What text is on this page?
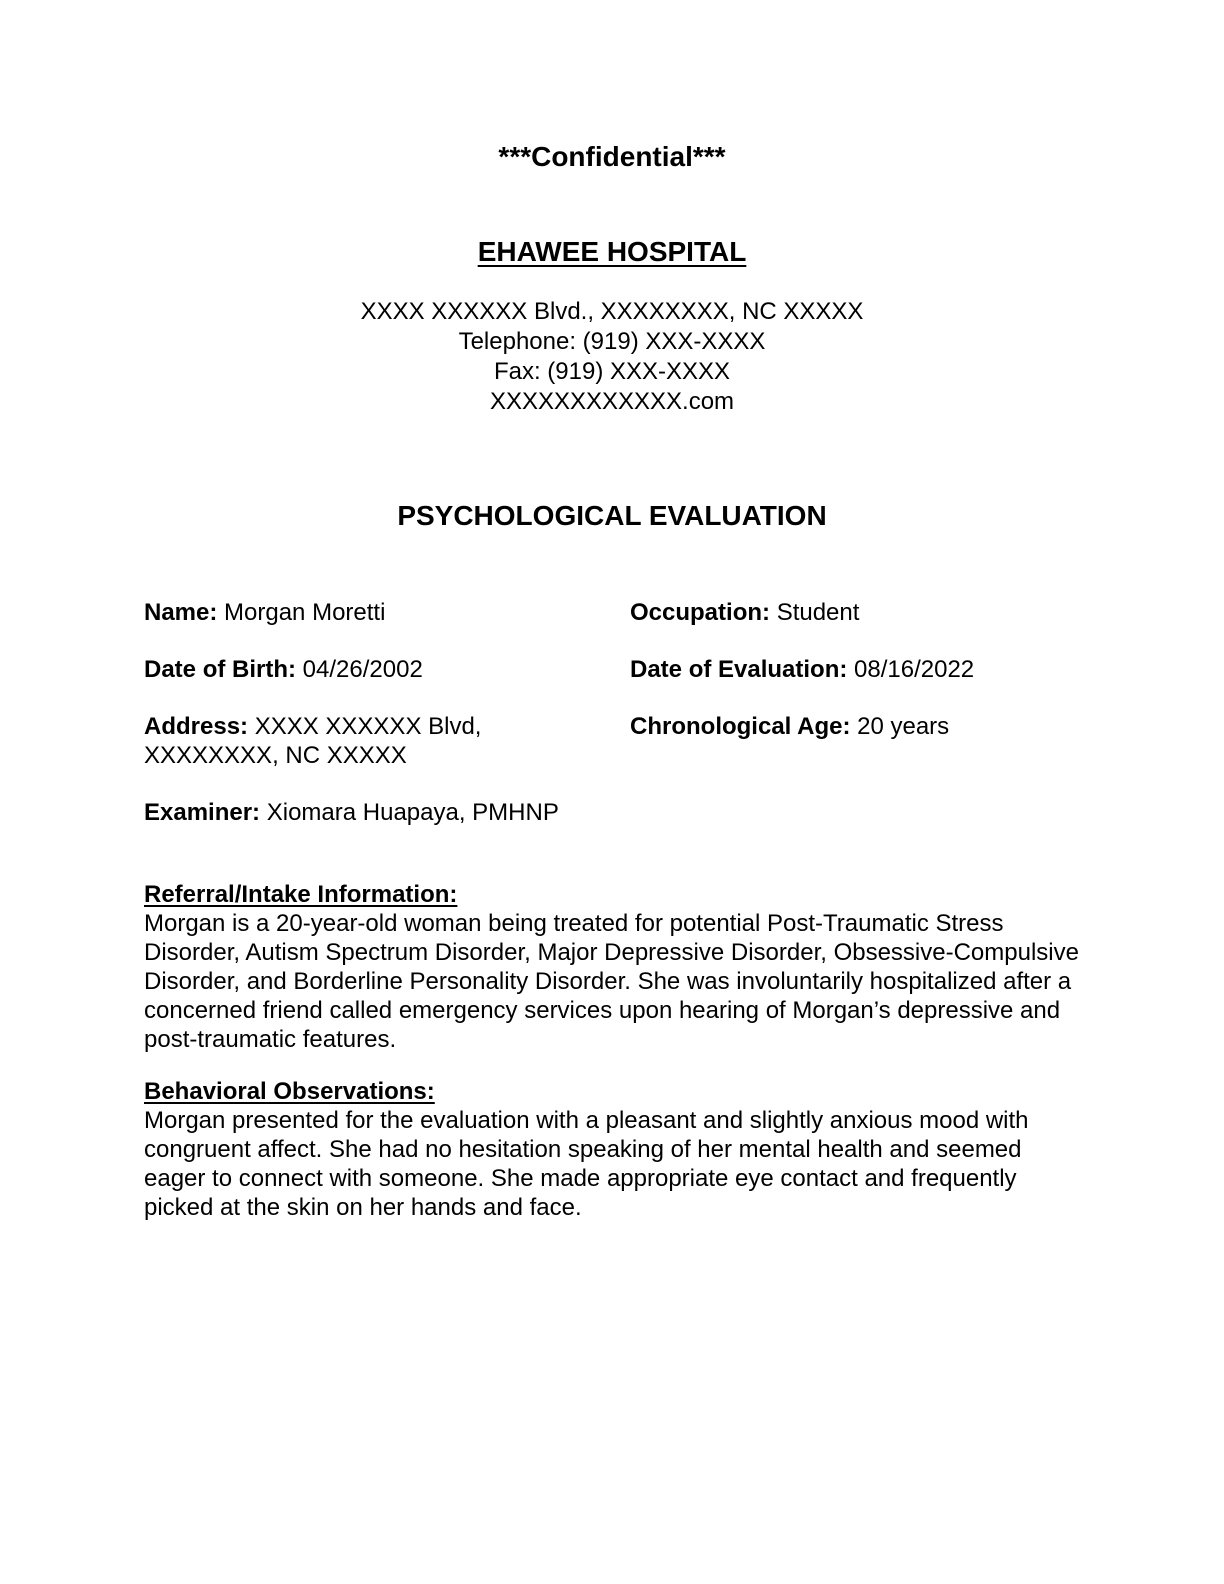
***Confidential***
EHAWEE HOSPITAL
XXXX XXXXXX Blvd., XXXXXXXX, NC XXXXX
Telephone: (919) XXX-XXXX
Fax: (919) XXX-XXXX
XXXXXXXXXXXX.com
PSYCHOLOGICAL EVALUATION
Name: Morgan Moretti	Occupation: Student
Date of Birth: 04/26/2002	Date of Evaluation: 08/16/2022
Address: XXXX XXXXXX Blvd,
XXXXXXXX, NC XXXXX
Chronological Age: 20 years
Examiner: Xiomara Huapaya, PMHNP
Referral/Intake Information:
Morgan is a 20-year-old woman being treated for potential Post-Traumatic Stress Disorder, Autism Spectrum Disorder, Major Depressive Disorder, Obsessive-Compulsive Disorder, and Borderline Personality Disorder. She was involuntarily hospitalized after a concerned friend called emergency services upon hearing of Morgan’s depressive and post-traumatic features.
Behavioral Observations:
Morgan presented for the evaluation with a pleasant and slightly anxious mood with congruent affect. She had no hesitation speaking of her mental health and seemed eager to connect with someone. She made appropriate eye contact and frequently picked at the skin on her hands and face.
